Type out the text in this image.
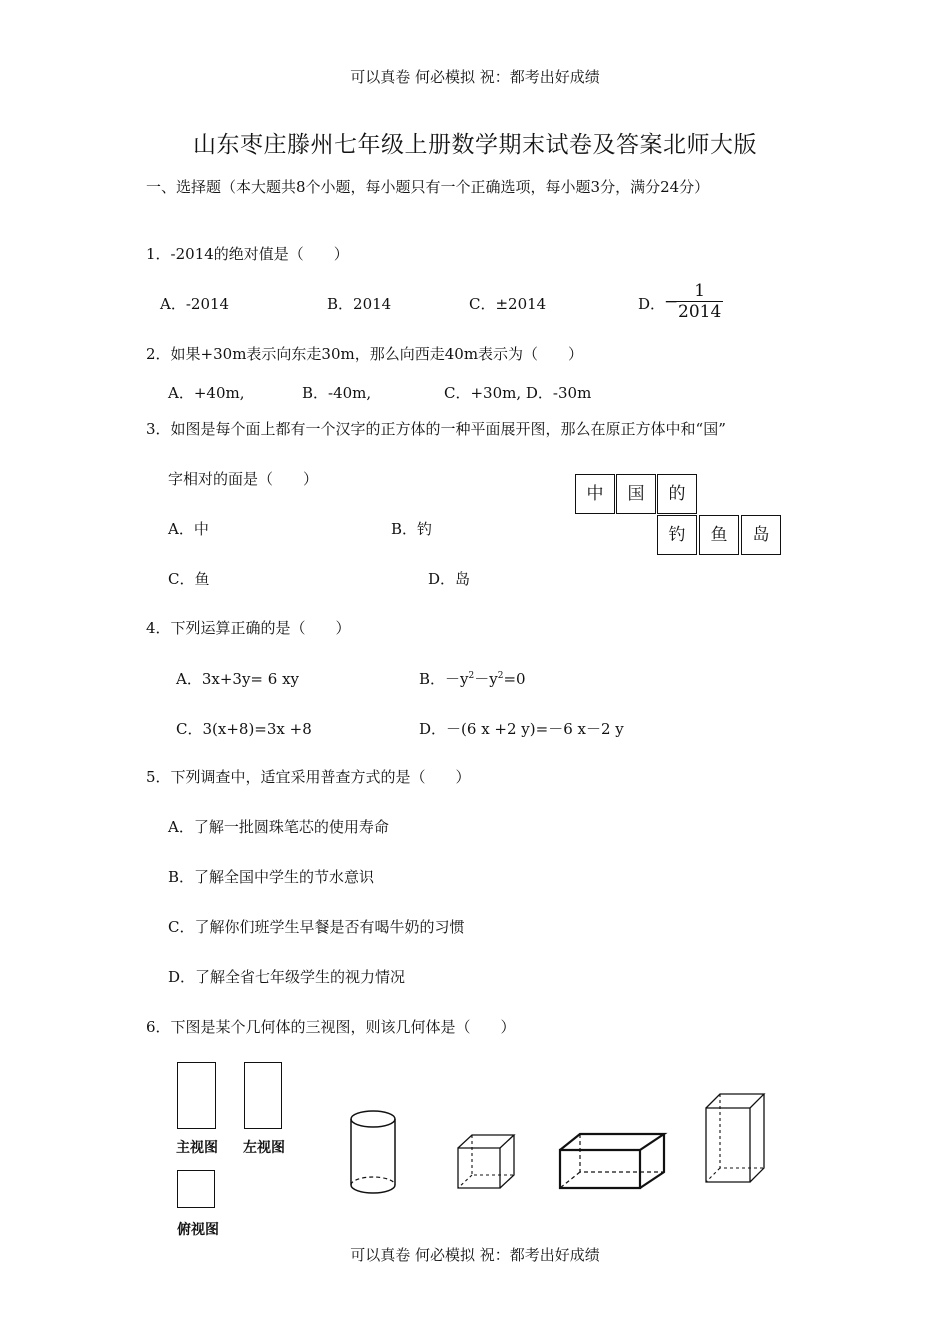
可以真卷 何必模拟 祝：都考出好成绩
山东枣庄滕州七年级上册数学期末试卷及答案北师大版
一、选择题（本大题共8个小题，每小题只有一个正确选项，每小题3分，满分24分）
1．-2014的绝对值是（　　）
A．-2014	B．2014	C．±2014	D．
−
$\frac{1}{2014}$
2．如果+30m表示向东走30m，那么向西走40m表示为（　　）
A．+40m,	B．-40m,	C．+30m, D．-30m
3．如图是每个面上都有一个汉字的正方体的一种平面展开图，那么在原正方体中和“国”
字相对的面是（　　）
A．中	B．钓
C．鱼	D．岛
中	国	的
钓	鱼	岛
4．下列运算正确的是（　　）
A．3x+3y= 6 xy	B．$-y^2-y^2=0$
C．3(x+8)=3x +8	D．－(6 x +2 y)=－6 x－2 y
5．下列调查中，适宜采用普查方式的是（　　）
A．了解一批圆珠笔芯的使用寿命
B．了解全国中学生的节水意识
C．了解你们班学生早餐是否有喝牛奶的习惯
D．了解全省七年级学生的视力情况
6．下图是某个几何体的三视图，则该几何体是（　　）
主视图 左视图
俯视图
可以真卷 何必模拟 祝：都考出好成绩
